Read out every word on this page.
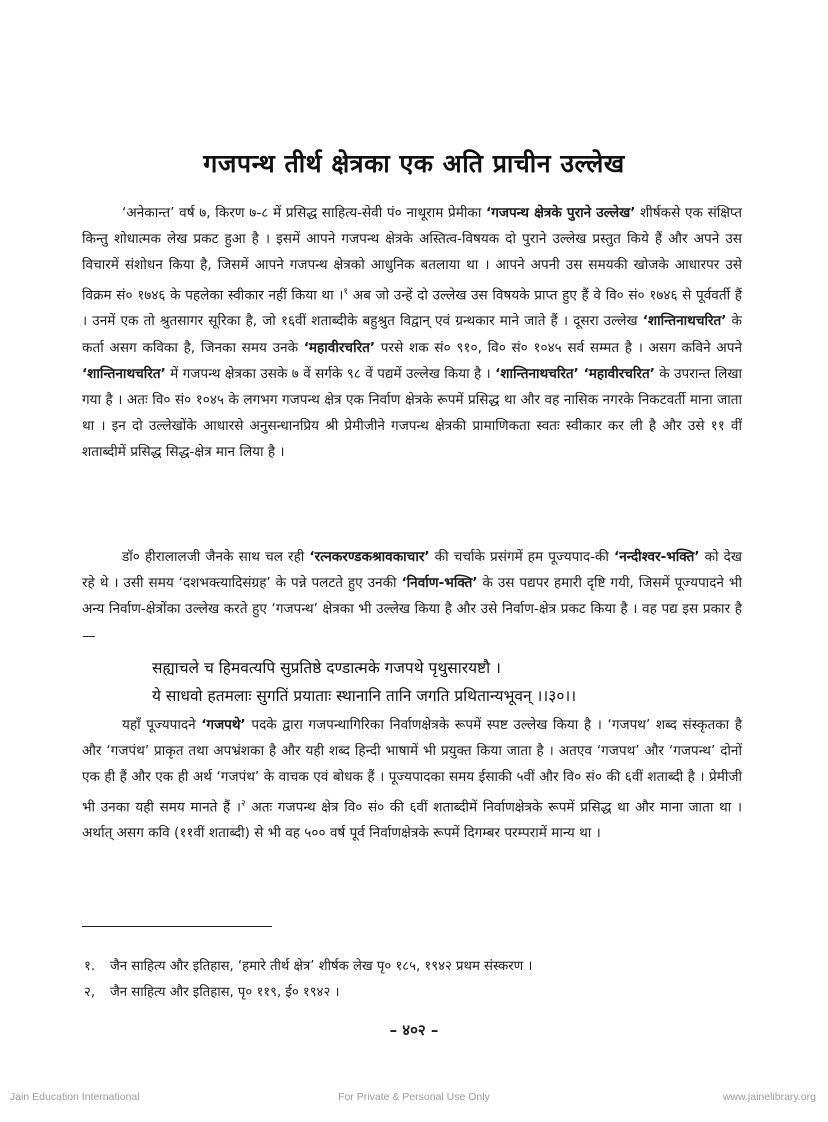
गजपन्थ तीर्थ क्षेत्रका एक अति प्राचीन उल्लेख
‘अनेकान्त’ वर्ष ७, किरण ७-८ में प्रसिद्ध साहित्य-सेवी पं० नाथूराम प्रेमीका ‘गजपन्थ क्षेत्रके पुराने उल्लेख’ शीर्षकसे एक संक्षिप्त किन्तु शोधात्मक लेख प्रकट हुआ है । इसमें आपने गजपन्थ क्षेत्रके अस्तित्व-विषयक दो पुराने उल्लेख प्रस्तुत किये हैं और अपने उस विचारमें संशोधन किया है, जिसमें आपने गजपन्थ क्षेत्रको आधुनिक बतलाया था । आपने अपनी उस समयकी खोजके आधारपर उसे विक्रम सं० १७४६ के पहलेका स्वीकार नहीं किया था ।$^१$ अब जो उन्हें दो उल्लेख उस विषयके प्राप्त हुए हैं वे वि० सं० १७४६ से पूर्ववर्ती हैं । उनमें एक तो श्रुतसागर सूरिका है, जो १६वीं शताब्दीके बहुश्रुत विद्वान् एवं ग्रन्थकार माने जाते हैं । दूसरा उल्लेख ‘शान्तिनाथचरित’ के कर्ता असग कविका है, जिनका समय उनके ‘महावीरचरित’ परसे शक सं० ९१०, वि० सं० १०४५ सर्व सम्मत है । असग कविने अपने ‘शान्तिनाथचरित’ में गजपन्थ क्षेत्रका उसके ७ वें सर्गके ९८ वें पद्यमें उल्लेख किया है । ‘शान्तिनाथचरित’ ‘महावीरचरित’ के उपरान्त लिखा गया है । अतः वि० सं० १०४५ के लगभग गजपन्थ क्षेत्र एक निर्वाण क्षेत्रके रूपमें प्रसिद्ध था और वह नासिक नगरके निकटवर्ती माना जाता था । इन दो उल्लेखोंके आधारसे अनुसन्धानप्रिय श्री प्रेमीजीने गजपन्थ क्षेत्रकी प्रामाणिकता स्वतः स्वीकार कर ली है और उसे ११ वीं शताब्दीमें प्रसिद्ध सिद्ध-क्षेत्र मान लिया है ।
डॉ० हीरालालजी जैनके साथ चल रही ‘रत्नकरण्डकश्रावकाचार’ की चर्चाके प्रसंगमें हम पूज्यपाद-की ‘नन्दीश्वर-भक्ति’ को देख रहे थे । उसी समय ‘दशभक्त्यादिसंग्रह’ के पन्ने पलटते हुए उनकी ‘निर्वाण-भक्ति’ के उस पद्यपर हमारी दृष्टि गयी, जिसमें पूज्यपादने भी अन्य निर्वाण-क्षेत्रोंका उल्लेख करते हुए ‘गजपन्थ’ क्षेत्रका भी उल्लेख किया है और उसे निर्वाण-क्षेत्र प्रकट किया है । वह पद्य इस प्रकार है—
सह्याचले च हिमवत्यपि सुप्रतिष्ठे दण्डात्मके गजपथे पृथुसारयष्टौ ।
ये साधवो हतमलाः सुगतिं प्रयाताः स्थानानि तानि जगति प्रथितान्यभूवन् ।।३०।।
यहाँ पूज्यपादने ‘गजपथे’ पदके द्वारा गजपन्थागिरिका निर्वाणक्षेत्रके रूपमें स्पष्ट उल्लेख किया है । ‘गजपथ’ शब्द संस्कृतका है और ‘गजपंथ’ प्राकृत तथा अपभ्रंशका है और यही शब्द हिन्दी भाषामें भी प्रयुक्त किया जाता है । अतएव ‘गजपथ’ और ‘गजपन्थ’ दोनों एक ही हैं और एक ही अर्थ ‘गजपंथ’ के वाचक एवं बोधक हैं । पूज्यपादका समय ईसाकी ५वीं और वि० सं० की ६वीं शताब्दी है । प्रेमीजी भी उनका यही समय मानते हैं ।$^२$ अतः गजपन्थ क्षेत्र वि० सं० की ६वीं शताब्दीमें निर्वाणक्षेत्रके रूपमें प्रसिद्ध था और माना जाता था । अर्थात् असग कवि (११वीं शताब्दी) से भी वह ५०० वर्ष पूर्व निर्वाणक्षेत्रके रूपमें दिगम्बर परम्परामें मान्य था ।
१. जैन साहित्य और इतिहास, ‘हमारे तीर्थ क्षेत्र’ शीर्षक लेख पृ० १८५, १९४२ प्रथम संस्करण ।
२, जैन साहित्य और इतिहास, पृ० ११९, ई० १९४२ ।
– ४०२ –
Jain Education International	For Private & Personal Use Only	www.jainelibrary.org
